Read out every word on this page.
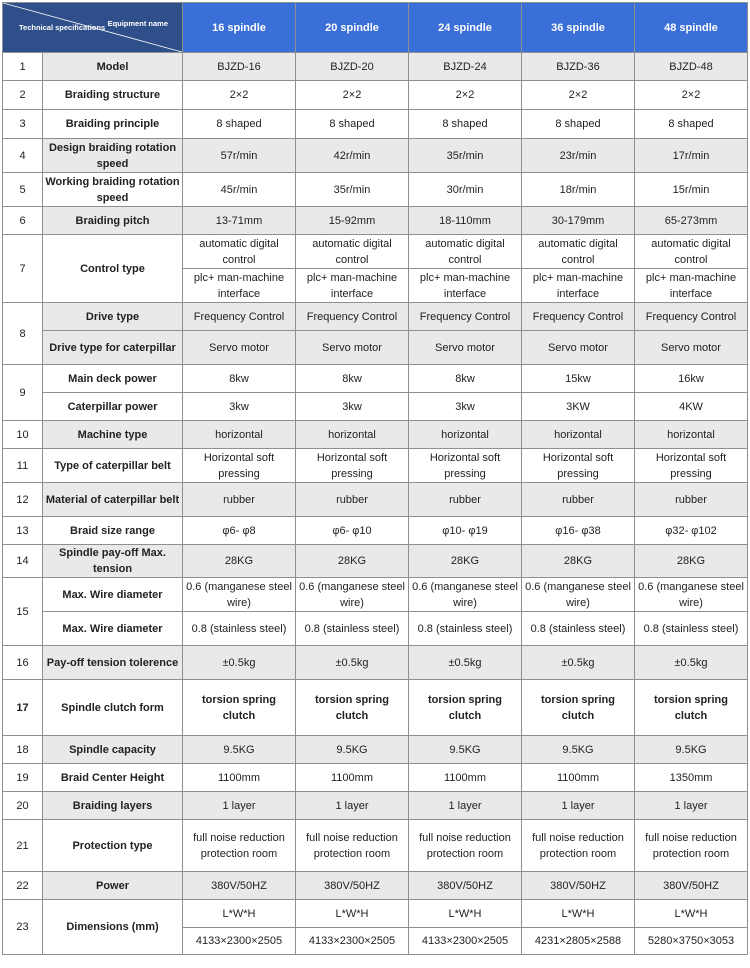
Equipment name
Technical specifications		16 spindle	20 spindle	24 spindle	36 spindle	48 spindle
1	Model	BJZD-16	BJZD-20	BJZD-24	BJZD-36	BJZD-48
2	Braiding structure	2×2	2×2	2×2	2×2	2×2
3	Braiding principle	8 shaped	8 shaped	8 shaped	8 shaped	8 shaped
4	Design braiding rotation speed	57r/min	42r/min	35r/min	23r/min	17r/min
5	Working braiding rotation speed	45r/min	35r/min	30r/min	18r/min	15r/min
6	Braiding pitch	13-71mm	15-92mm	18-110mm	30-179mm	65-273mm
7	Control type	automatic digital control	automatic digital control	automatic digital control	automatic digital control	automatic digital control
		plc+ man-machine interface	plc+ man-machine interface	plc+ man-machine interface	plc+ man-machine interface	plc+ man-machine interface
8	Drive type	Frequency Control	Frequency Control	Frequency Control	Frequency Control	Frequency Control
	Drive type for caterpillar	Servo motor	Servo motor	Servo motor	Servo motor	Servo motor
9	Main deck power	8kw	8kw	8kw	15kw	16kw
	Caterpillar power	3kw	3kw	3kw	3KW	4KW
10	Machine type	horizontal	horizontal	horizontal	horizontal	horizontal
11	Type of caterpillar belt	Horizontal soft pressing	Horizontal soft pressing	Horizontal soft pressing	Horizontal soft pressing	Horizontal soft pressing
12	Material of caterpillar belt	rubber	rubber	rubber	rubber	rubber
13	Braid size range	φ6- φ8	φ6- φ10	φ10- φ19	φ16- φ38	φ32- φ102
14	Spindle pay-off Max. tension	28KG	28KG	28KG	28KG	28KG
15	Max. Wire diameter	0.6 (manganese steel wire)	0.6 (manganese steel wire)	0.6 (manganese steel wire)	0.6 (manganese steel wire)	0.6 (manganese steel wire)
	Max. Wire diameter	0.8 (stainless steel)	0.8 (stainless steel)	0.8 (stainless steel)	0.8 (stainless steel)	0.8 (stainless steel)
16	Pay-off tension tolerence	±0.5kg	±0.5kg	±0.5kg	±0.5kg	±0.5kg
17	Spindle clutch form	torsion spring clutch	torsion spring clutch	torsion spring clutch	torsion spring clutch	torsion spring clutch
18	Spindle capacity	9.5KG	9.5KG	9.5KG	9.5KG	9.5KG
19	Braid Center Height	1100mm	1100mm	1100mm	1100mm	1350mm
20	Braiding layers	1 layer	1 layer	1 layer	1 layer	1 layer
21	Protection type	full noise reduction protection room	full noise reduction protection room	full noise reduction protection room	full noise reduction protection room	full noise reduction protection room
22	Power	380V/50HZ	380V/50HZ	380V/50HZ	380V/50HZ	380V/50HZ
23	Dimensions (mm)	L*W*H	L*W*H	L*W*H	L*W*H	L*W*H
		4133×2300×2505	4133×2300×2505	4133×2300×2505	4231×2805×2588	5280×3750×3053
